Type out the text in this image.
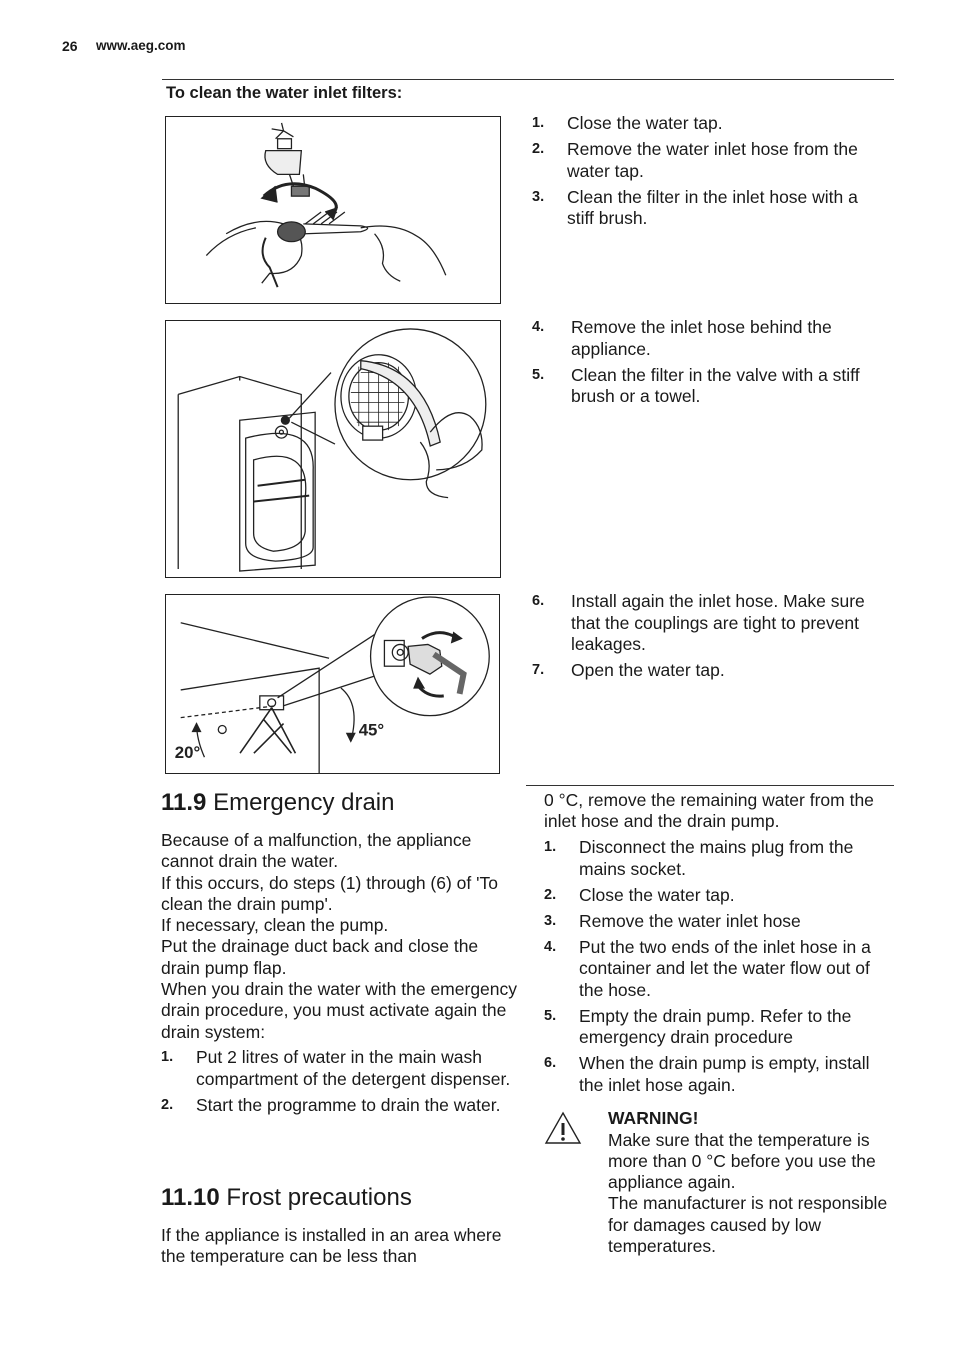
26 www.aeg.com
To clean the water inlet filters:
1. Close the water tap.
2. Remove the water inlet hose from the water tap.
3. Clean the filter in the inlet hose with a stiff brush.
4. Remove the inlet hose behind the appliance.
5. Clean the filter in the valve with a stiff brush or a towel.
20°
45°
6. Install again the inlet hose. Make sure that the couplings are tight to prevent leakages.
7. Open the water tap.
11.9 Emergency drain
Because of a malfunction, the appliance cannot drain the water.
If this occurs, do steps (1) through (6) of 'To clean the drain pump'.
If necessary, clean the pump.
Put the drainage duct back and close the drain pump flap.
When you drain the water with the emergency drain procedure, you must activate again the drain system:
1. Put 2 litres of water in the main wash compartment of the detergent dispenser.
2. Start the programme to drain the water.
11.10 Frost precautions
If the appliance is installed in an area where the temperature can be less than
0 °C, remove the remaining water from the inlet hose and the drain pump.
1. Disconnect the mains plug from the mains socket.
2. Close the water tap.
3. Remove the water inlet hose
4. Put the two ends of the inlet hose in a container and let the water flow out of the hose.
5. Empty the drain pump. Refer to the emergency drain procedure
6. When the drain pump is empty, install the inlet hose again.
WARNING!
Make sure that the temperature is more than 0 °C before you use the appliance again.
The manufacturer is not responsible for damages caused by low temperatures.
